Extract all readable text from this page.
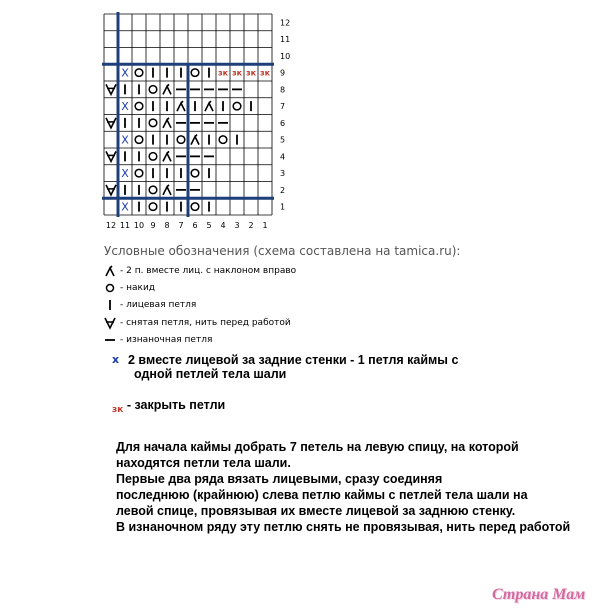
12
11
10
9
8
7
6
5
4
3
2
1
12 11 10 9 8 7 6 5 4 3 2 1
X	зк зк зк зк
X
X
X
X
Условные обозначения (схема составлена на tamica.ru):
- 2 п. вместе лиц. с наклоном вправо
- накид
- лицевая петля
- снятая петля, нить перед работой
- изнаночная петля
x 2 вместе лицевой за задние стенки - 1 петля каймы с
одной петлей тела шали
$_{зк}$ - закрыть петли
Для начала каймы добрать 7 петель на левую спицу, на которой
находятся петли тела шали.
Первые два ряда вязать лицевыми, сразу соединяя
последнюю (крайнюю) слева петлю каймы с петлей тела шали на
левой спице, провязывая их вместе лицевой за заднюю стенку.
В изнаночном ряду эту петлю снять не провязывая, нить перед работой
Страна Мам
